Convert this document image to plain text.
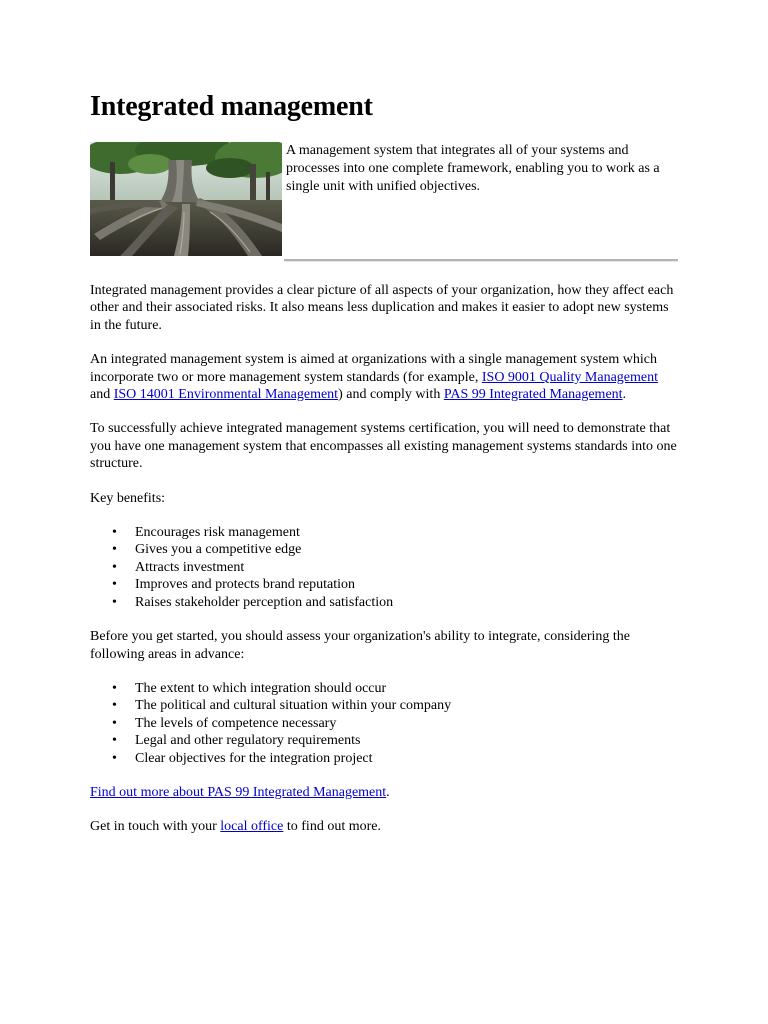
Integrated management
A management system that integrates all of your systems and processes into one complete framework, enabling you to work as a single unit with unified objectives.

Integrated management provides a clear picture of all aspects of your organization, how they affect each other and their associated risks. It also means less duplication and makes it easier to adopt new systems in the future.

An integrated management system is aimed at organizations with a single management system which incorporate two or more management system standards (for example, ISO 9001 Quality Management and ISO 14001 Environmental Management) and comply with PAS 99 Integrated Management.

To successfully achieve integrated management systems certification, you will need to demonstrate that you have one management system that encompasses all existing management systems standards into one structure.

Key benefits:

• Encourages risk management
• Gives you a competitive edge
• Attracts investment
• Improves and protects brand reputation
• Raises stakeholder perception and satisfaction

Before you get started, you should assess your organization's ability to integrate, considering the following areas in advance:

• The extent to which integration should occur
• The political and cultural situation within your company
• The levels of competence necessary
• Legal and other regulatory requirements
• Clear objectives for the integration project

Find out more about PAS 99 Integrated Management.

Get in touch with your local office to find out more.
